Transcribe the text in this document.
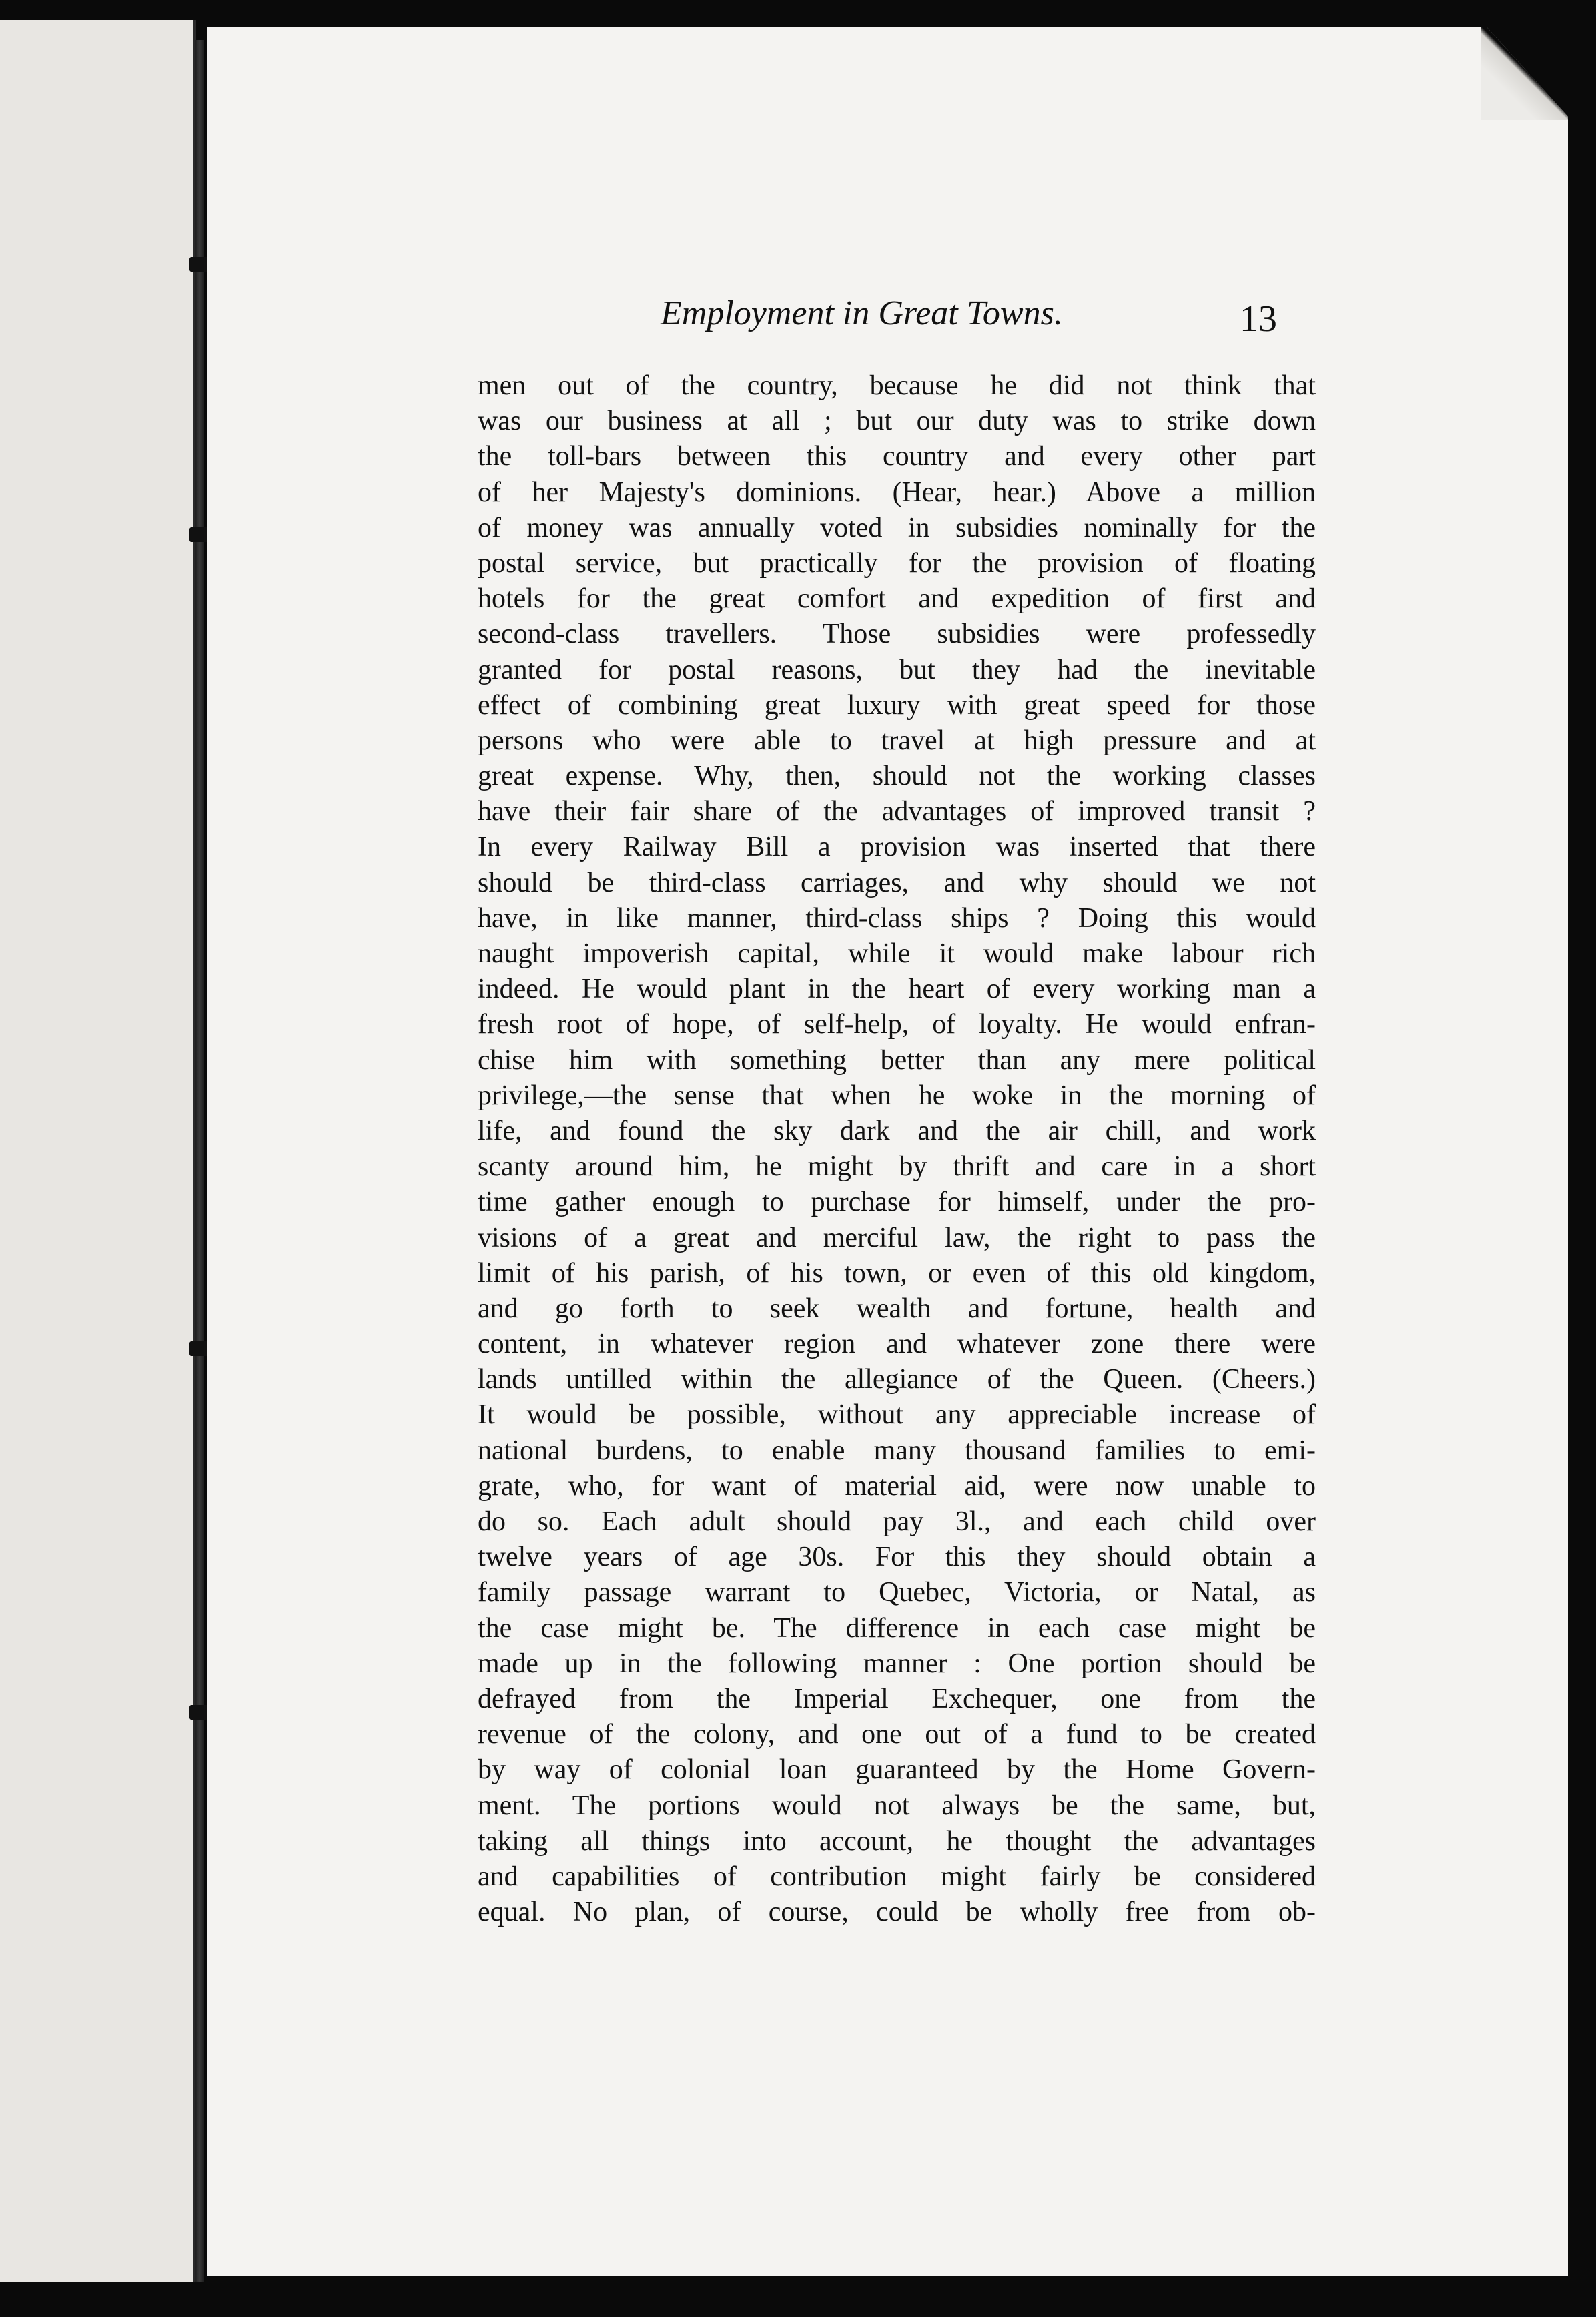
Employment in Great Towns.	13
men out of the country, because he did not think that
was our business at all ; but our duty was to strike down
the toll-bars between this country and every other part
of her Majesty's dominions. (Hear, hear.) Above a million
of money was annually voted in subsidies nominally for the
postal service, but practically for the provision of floating
hotels for the great comfort and expedition of first and
second-class travellers. Those subsidies were professedly
granted for postal reasons, but they had the inevitable
effect of combining great luxury with great speed for those
persons who were able to travel at high pressure and at
great expense. Why, then, should not the working classes
have their fair share of the advantages of improved transit ?
In every Railway Bill a provision was inserted that there
should be third-class carriages, and why should we not
have, in like manner, third-class ships ? Doing this would
naught impoverish capital, while it would make labour rich
indeed. He would plant in the heart of every working man a
fresh root of hope, of self-help, of loyalty. He would enfran-
chise him with something better than any mere political
privilege,—the sense that when he woke in the morning of
life, and found the sky dark and the air chill, and work
scanty around him, he might by thrift and care in a short
time gather enough to purchase for himself, under the pro-
visions of a great and merciful law, the right to pass the
limit of his parish, of his town, or even of this old kingdom,
and go forth to seek wealth and fortune, health and
content, in whatever region and whatever zone there were
lands untilled within the allegiance of the Queen. (Cheers.)
It would be possible, without any appreciable increase of
national burdens, to enable many thousand families to emi-
grate, who, for want of material aid, were now unable to
do so. Each adult should pay 3l., and each child over
twelve years of age 30s. For this they should obtain a
family passage warrant to Quebec, Victoria, or Natal, as
the case might be. The difference in each case might be
made up in the following manner : One portion should be
defrayed from the Imperial Exchequer, one from the
revenue of the colony, and one out of a fund to be created
by way of colonial loan guaranteed by the Home Govern-
ment. The portions would not always be the same, but,
taking all things into account, he thought the advantages
and capabilities of contribution might fairly be considered
equal. No plan, of course, could be wholly free from ob-
